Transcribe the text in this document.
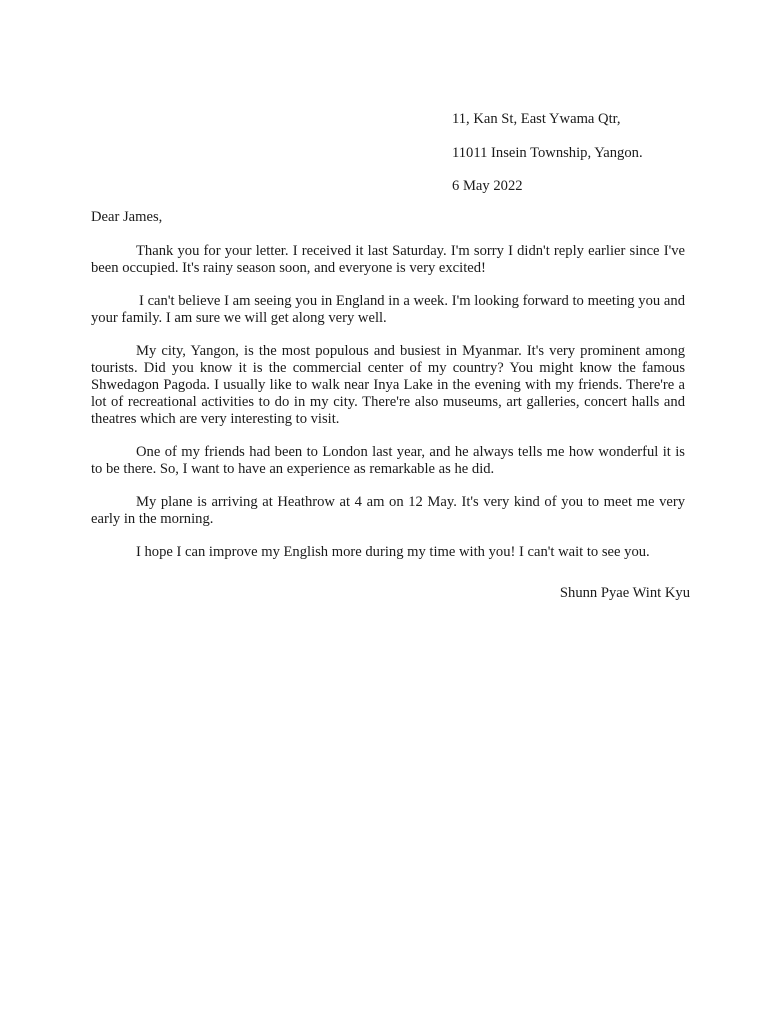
11, Kan St, East Ywama Qtr,
11011 Insein Township, Yangon.
6 May 2022
Dear James,

Thank you for your letter. I received it last Saturday. I'm sorry I didn't reply earlier since I've been occupied. It's rainy season soon, and everyone is very excited!

I can't believe I am seeing you in England in a week. I'm looking forward to meeting you and your family. I am sure we will get along very well.

My city, Yangon, is the most populous and busiest in Myanmar. It's very prominent among tourists. Did you know it is the commercial center of my country? You might know the famous Shwedagon Pagoda. I usually like to walk near Inya Lake in the evening with my friends. There're a lot of recreational activities to do in my city. There're also museums, art galleries, concert halls and theatres which are very interesting to visit.

One of my friends had been to London last year, and he always tells me how wonderful it is to be there. So, I want to have an experience as remarkable as he did.

My plane is arriving at Heathrow at 4 am on 12 May. It's very kind of you to meet me very early in the morning.

I hope I can improve my English more during my time with you! I can't wait to see you.

Shunn Pyae Wint Kyu
